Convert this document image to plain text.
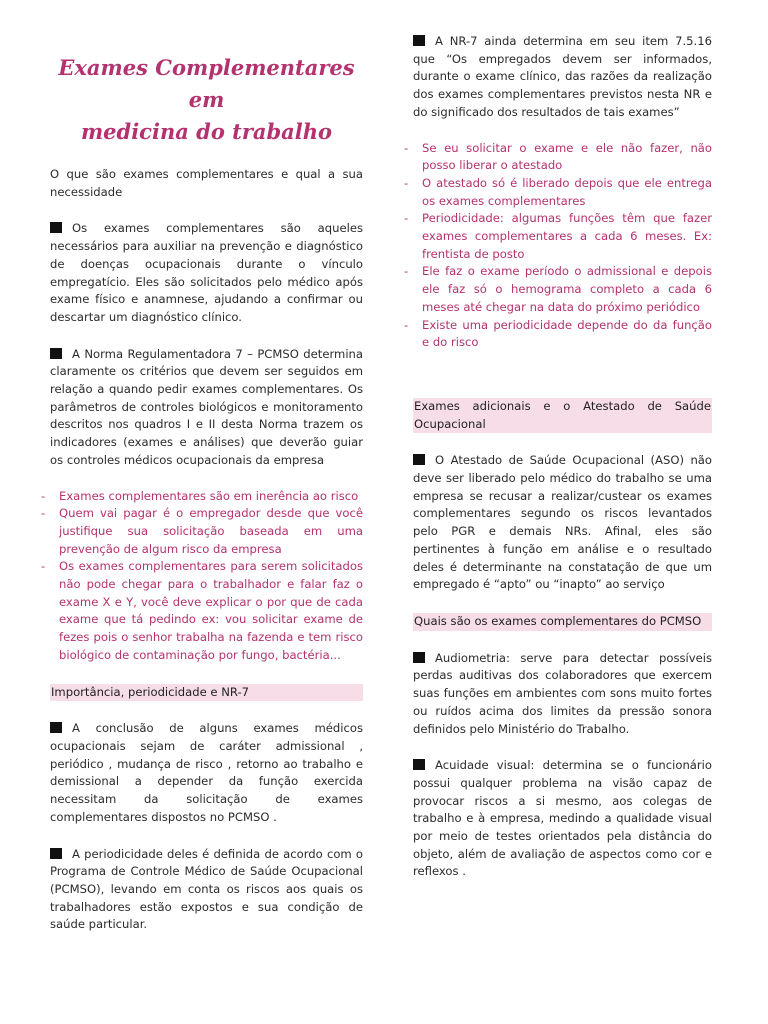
Exames Complementares em
medicina do trabalho

O que são exames complementares e qual a sua necessidade

Os exames complementares são aqueles necessários para auxiliar na prevenção e diagnóstico de doenças ocupacionais durante o vínculo empregatício. Eles são solicitados pelo médico após exame físico e anamnese, ajudando a confirmar ou descartar um diagnóstico clínico.

A Norma Regulamentadora 7 – PCMSO determina claramente os critérios que devem ser seguidos em relação a quando pedir exames complementares. Os parâmetros de controles biológicos e monitoramento descritos nos quadros I e II desta Norma trazem os indicadores (exames e análises) que deverão guiar os controles médicos ocupacionais da empresa

- Exames complementares são em inerência ao risco
- Quem vai pagar é o empregador desde que você justifique sua solicitação baseada em uma prevenção de algum risco da empresa
- Os exames complementares para serem solicitados não pode chegar para o trabalhador e falar faz o exame X e Y, você deve explicar o por que de cada exame que tá pedindo ex: vou solicitar exame de fezes pois o senhor trabalha na fazenda e tem risco biológico de contaminação por fungo, bactéria...
Importância, periodicidade e NR-7

A conclusão de alguns exames médicos ocupacionais sejam de caráter admissional , periódico , mudança de risco , retorno ao trabalho e demissional a depender da função exercida necessitam da solicitação de exames complementares dispostos no PCMSO .

A periodicidade deles é definida de acordo com o Programa de Controle Médico de Saúde Ocupacional (PCMSO), levando em conta os riscos aos quais os trabalhadores estão expostos e sua condição de saúde particular.

A NR-7 ainda determina em seu item 7.5.16 que “Os empregados devem ser informados, durante o exame clínico, das razões da realização dos exames complementares previstos nesta NR e do significado dos resultados de tais exames”

- Se eu solicitar o exame e ele não fazer, não posso liberar o atestado
- O atestado só é liberado depois que ele entrega os exames complementares
- Periodicidade: algumas funções têm que fazer exames complementares a cada 6 meses. Ex: frentista de posto
- Ele faz o exame período o admissional e depois ele faz só o hemograma completo a cada 6 meses até chegar na data do próximo periódico
- Existe uma periodicidade depende do da função e do risco
Exames adicionais e o Atestado de Saúde Ocupacional

O Atestado de Saúde Ocupacional (ASO) não deve ser liberado pelo médico do trabalho se uma empresa se recusar a realizar/custear os exames complementares segundo os riscos levantados pelo PGR e demais NRs. Afinal, eles são pertinentes à função em análise e o resultado deles é determinante na constatação de que um empregado é “apto” ou “inapto” ao serviço

Quais são os exames complementares do PCMSO

Audiometria: serve para detectar possíveis perdas auditivas dos colaboradores que exercem suas funções em ambientes com sons muito fortes ou ruídos acima dos limites da pressão sonora definidos pelo Ministério do Trabalho.

Acuidade visual: determina se o funcionário possui qualquer problema na visão capaz de provocar riscos a si mesmo, aos colegas de trabalho e à empresa, medindo a qualidade visual por meio de testes orientados pela distância do objeto, além de avaliação de aspectos como cor e reflexos .
